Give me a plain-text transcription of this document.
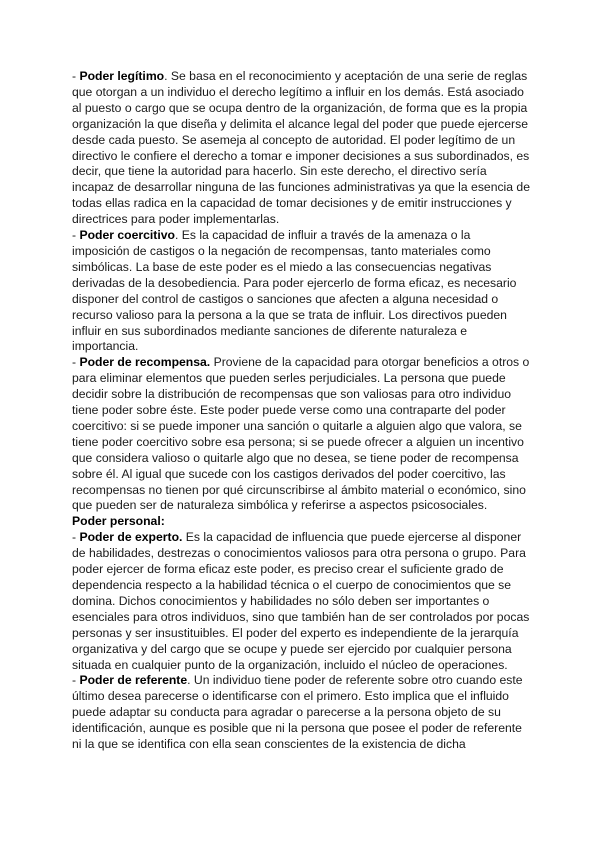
- Poder legítimo. Se basa en el reconocimiento y aceptación de una serie de reglas
que otorgan a un individuo el derecho legítimo a influir en los demás. Está asociado
al puesto o cargo que se ocupa dentro de la organización, de forma que es la propia
organización la que diseña y delimita el alcance legal del poder que puede ejercerse
desde cada puesto. Se asemeja al concepto de autoridad. El poder legítimo de un
directivo le confiere el derecho a tomar e imponer decisiones a sus subordinados, es
decir, que tiene la autoridad para hacerlo. Sin este derecho, el directivo sería
incapaz de desarrollar ninguna de las funciones administrativas ya que la esencia de
todas ellas radica en la capacidad de tomar decisiones y de emitir instrucciones y
directrices para poder implementarlas.

- Poder coercitivo. Es la capacidad de influir a través de la amenaza o la
imposición de castigos o la negación de recompensas, tanto materiales como
simbólicas. La base de este poder es el miedo a las consecuencias negativas
derivadas de la desobediencia. Para poder ejercerlo de forma eficaz, es necesario
disponer del control de castigos o sanciones que afecten a alguna necesidad o
recurso valioso para la persona a la que se trata de influir. Los directivos pueden
influir en sus subordinados mediante sanciones de diferente naturaleza e
importancia.

- Poder de recompensa. Proviene de la capacidad para otorgar beneficios a otros o
para eliminar elementos que pueden serles perjudiciales. La persona que puede
decidir sobre la distribución de recompensas que son valiosas para otro individuo
tiene poder sobre éste. Este poder puede verse como una contraparte del poder
coercitivo: si se puede imponer una sanción o quitarle a alguien algo que valora, se
tiene poder coercitivo sobre esa persona; si se puede ofrecer a alguien un incentivo
que considera valioso o quitarle algo que no desea, se tiene poder de recompensa
sobre él. Al igual que sucede con los castigos derivados del poder coercitivo, las
recompensas no tienen por qué circunscribirse al ámbito material o económico, sino
que pueden ser de naturaleza simbólica y referirse a aspectos psicosociales.

Poder personal:

- Poder de experto. Es la capacidad de influencia que puede ejercerse al disponer
de habilidades, destrezas o conocimientos valiosos para otra persona o grupo. Para
poder ejercer de forma eficaz este poder, es preciso crear el suficiente grado de
dependencia respecto a la habilidad técnica o el cuerpo de conocimientos que se
domina. Dichos conocimientos y habilidades no sólo deben ser importantes o
esenciales para otros individuos, sino que también han de ser controlados por pocas
personas y ser insustituibles. El poder del experto es independiente de la jerarquía
organizativa y del cargo que se ocupe y puede ser ejercido por cualquier persona
situada en cualquier punto de la organización, incluido el núcleo de operaciones.

- Poder de referente. Un individuo tiene poder de referente sobre otro cuando este
último desea parecerse o identificarse con el primero. Esto implica que el influido
puede adaptar su conducta para agradar o parecerse a la persona objeto de su
identificación, aunque es posible que ni la persona que posee el poder de referente
ni la que se identifica con ella sean conscientes de la existencia de dicha
